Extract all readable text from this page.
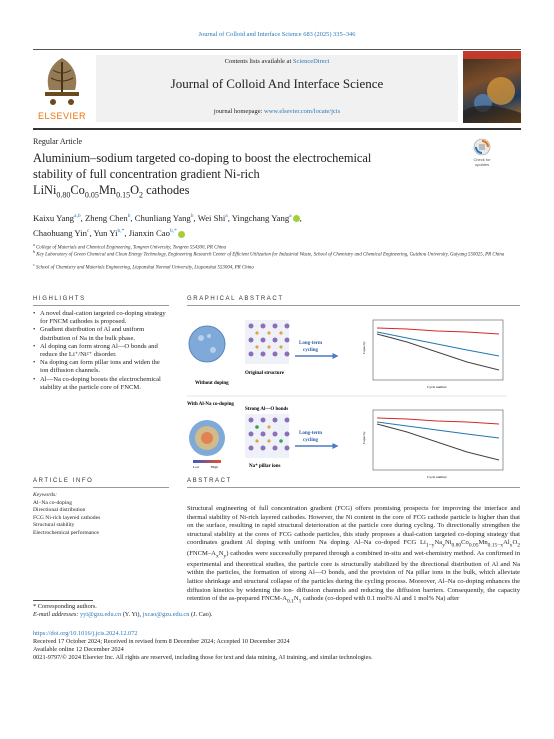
Journal of Colloid and Interface Science 683 (2025) 335–346
ELSEVIER
Contents lists available at ScienceDirect
Journal of Colloid And Interface Science
journal homepage: www.elsevier.com/locate/jcis
Regular Article
Check for updates
Aluminium–sodium targeted co-doping to boost the electrochemical
stability of full concentration gradient Ni-rich
$LiNi_{0.80}Co_{0.05}Mn_{0.15}O_2$ cathodes
Kaixu Yang$^{a,b}$, Zheng Chen$^b$, Chunliang Yang$^b$, Wei Shi$^a$, Yingchang Yang$^a$ ,
Chaohuang Yin$^c$, Yun $Yi^{b,*}$, Jianxin Cao$^{b,*}$
$^a$ College of Materials and Chemical Engineering, Tongren University, Tongren 554300, PR China
$^b$ Key Laboratory of Green Chemical and Clean Energy Technology, Engineering Research Center of Efficient Utilization for Industrial Waste, School of Chemistry and Chemical Engineering, Guizhou University, Guiyang 550025, PR China
$^c$ School of Chemistry and Materials Engineering, Liupanshui Normal University, Liupanshui 553004, PR China
HIGHLIGHTS	GRAPHICAL ABSTRACT
• A novel dual-cation targeted co-doping strategy for FNCM cathodes is proposed.
• Gradient distribution of Al and uniform distribution of Na in the bulk phase.
• Al doping can form strong Al—O bonds and reduce the Li⁺/Ni²⁺ disorder.
• Na doping can form pillar ions and widen the ion diffusion channels.
• Al—Na co-doping boosts the electrochemical stability at the particle core of FNCM.
Without doping
Original structure
Long-term
cycling
Cycle number
Capacity
With Al-Na co-doping
Low	High
Strong Al—O bonds
Na⁺ pillar ions
Long-term
cycling
Cycle number
Capacity
ARTICLE INFO
Keywords:
Al–Na co-doping
Directional distribution
FCG Ni-rich layered cathodes
Structural stability
Electrochemical performance
ABSTRACT
Structural engineering of full concentration gradient (FCG) offers promising prospects for improving the interface and thermal stability of Ni-rich layered cathodes. However, the Ni content in the core of FCG cathode particle is higher than that on the surface, resulting in rapid structural deterioration at the particle core during cycling. To directionally strengthen the structural stability at the cores of FCG cathode particles, this study proposes a dual-cation targeted co-doping strategy that coordinates gradient Al doping with uniform Na doping. Al–Na co-doped FCG $Li_{1-y}Na_yNi_{0.80}Co_{0.05}Mn_{0.15-x}Al_xO_2$ $(FNCM-A_xN_y)$ cathodes were successfully prepared through a combined in-situ and wet-chemistry method. As confirmed in experimental and theoretical studies, the particle core is structurally stabilized by the directional distribution of Al and Na within the particles, the formation of strong Al—O bonds, and the provision of Na pillar ions in the bulk, which alleviate lattice shrinkage and structural collapse of the particles during the cycling process. Moreover, Al–Na co-doping enhances the diffusion kinetics by widening the ion- diffusion channels and reducing the diffusion barriers. Consequently, the capacity retention of the as-prepared FNCM-$A_{0.1}N_1$ cathode (co-doped with 0.1 mol% Al and 1 mol% Na) after
* Corresponding authors.
E-mail addresses: yyi@gzu.edu.cn (Y. Yi), jxcao@gzu.edu.cn (J. Cao).
https://doi.org/10.1016/j.jcis.2024.12.072
Received 17 October 2024; Received in revised form 8 December 2024; Accepted 10 December 2024
Available online 12 December 2024
0021-9797/© 2024 Elsevier Inc. All rights are reserved, including those for text and data mining, AI training, and similar technologies.
